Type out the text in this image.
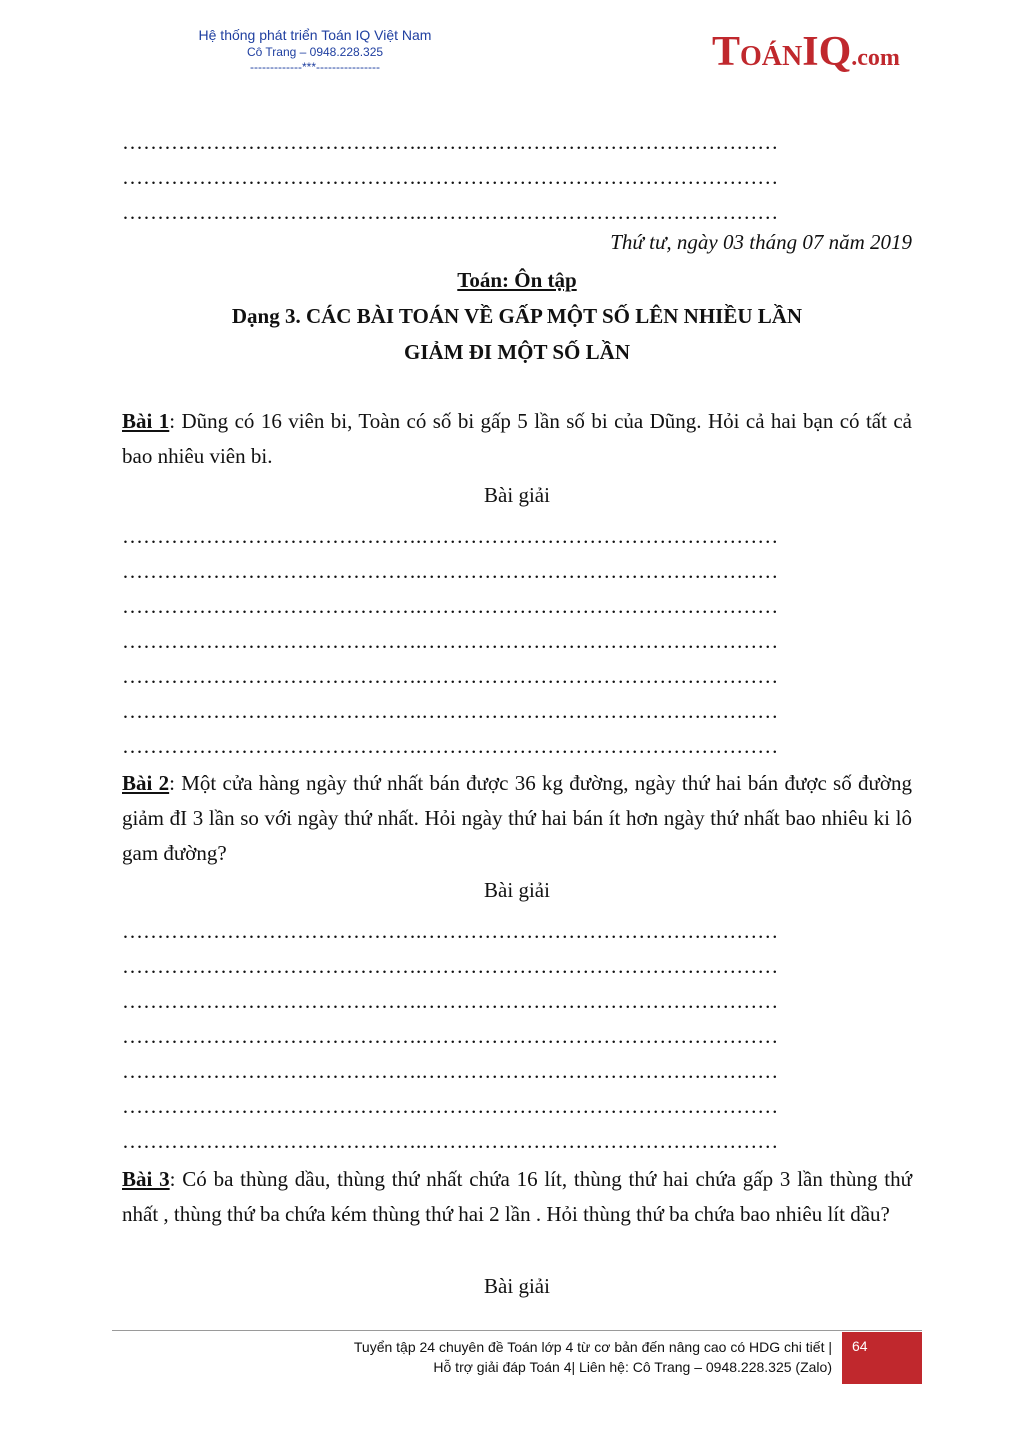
Hệ thống phát triển Toán IQ Việt Nam
Cô Trang – 0948.228.325
-------------***----------------	TOÁNIQ.com
…………………………………….……………………………………………
…………………………………….……………………………………………
…………………………………….……………………………………………
Thứ tư, ngày 03 tháng 07 năm 2019
Toán: Ôn tập
Dạng 3. CÁC BÀI TOÁN VỀ GẤP MỘT SỐ LÊN NHIỀU LẦN
GIẢM ĐI MỘT SỐ LẦN
Bài 1: Dũng có 16 viên bi, Toàn có số bi gấp 5 lần số bi của Dũng. Hỏi cả hai bạn có tất cả bao nhiêu viên bi.
Bài giải
…………………………………….……………………………………………
…………………………………….……………………………………………
…………………………………….……………………………………………
…………………………………….……………………………………………
…………………………………….……………………………………………
…………………………………….……………………………………………
…………………………………….……………………………………………
Bài 2: Một cửa hàng ngày thứ nhất bán được 36 kg đường, ngày thứ hai bán được số đường giảm đI 3 lần so với ngày thứ nhất. Hỏi ngày thứ hai bán ít hơn ngày thứ nhất bao nhiêu ki lô gam đường?
Bài giải
…………………………………….……………………………………………
…………………………………….……………………………………………
…………………………………….……………………………………………
…………………………………….……………………………………………
…………………………………….……………………………………………
…………………………………….……………………………………………
…………………………………….……………………………………………
Bài 3: Có ba thùng dầu, thùng thứ nhất chứa 16 lít, thùng thứ hai chứa gấp 3 lần thùng thứ nhất , thùng thứ ba chứa kém thùng thứ hai 2 lần . Hỏi thùng thứ ba chứa bao nhiêu lít dầu?
Bài giải
Tuyển tập 24 chuyên đề Toán lớp 4 từ cơ bản đến nâng cao có HDG chi tiết |
Hỗ trợ giải đáp Toán 4| Liên hệ: Cô Trang – 0948.228.325 (Zalo)
64
